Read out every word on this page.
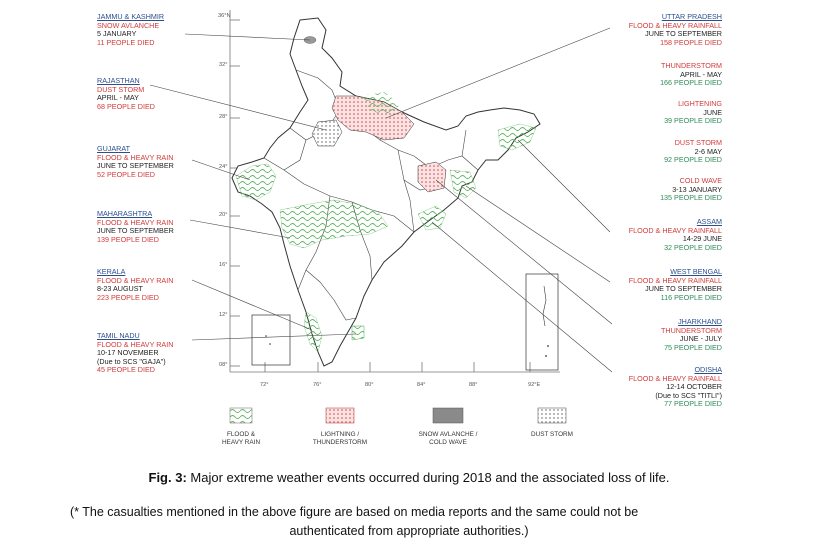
36°N
32°
28°
24°
20°
16°
12°
08°
72°	76°	80°	84°	88°	92°E
JAMMU & KASHMIR
SNOW AVLANCHE
5 JANUARY
11 PEOPLE DIED
RAJASTHAN
DUST STORM
APRIL - MAY
68 PEOPLE DIED
GUJARAT
FLOOD & HEAVY RAIN
JUNE TO SEPTEMBER
52 PEOPLE DIED
MAHARASHTRA
FLOOD & HEAVY RAIN
JUNE TO SEPTEMBER
139 PEOPLE DIED
KERALA
FLOOD & HEAVY RAIN
8-23 AUGUST
223 PEOPLE DIED
TAMIL NADU
FLOOD & HEAVY RAIN
10-17 NOVEMBER
(Due to SCS "GAJA")
45 PEOPLE DIED
UTTAR PRADESH
FLOOD & HEAVY RAINFALL
JUNE TO SEPTEMBER
158 PEOPLE DIED
THUNDERSTORM
APRIL - MAY
166 PEOPLE DIED
LIGHTENING
JUNE
39 PEOPLE DIED
DUST STORM
2-6 MAY
92 PEOPLE DIED
COLD WAVE
3-13 JANUARY
135 PEOPLE DIED
ASSAM
FLOOD & HEAVY RAINFALL
14-29 JUNE
32 PEOPLE DIED
WEST BENGAL
FLOOD & HEAVY RAINFALL
JUNE TO SEPTEMBER
116 PEOPLE DIED
JHARKHAND
THUNDERSTORM
JUNE - JULY
75 PEOPLE DIED
ODISHA
FLOOD & HEAVY RAINFALL
12-14 OCTOBER
(Due to SCS "TITLI")
77 PEOPLE DIED
FLOOD &
HEAVY RAIN
LIGHTNING /
THUNDERSTORM
SNOW AVLANCHE /
COLD WAVE
DUST STORM
Fig. 3: Major extreme weather events occurred during 2018 and the associated loss of life.
(* The casualties mentioned in the above figure are based on media reports and the same could not be
authenticated from appropriate authorities.)
